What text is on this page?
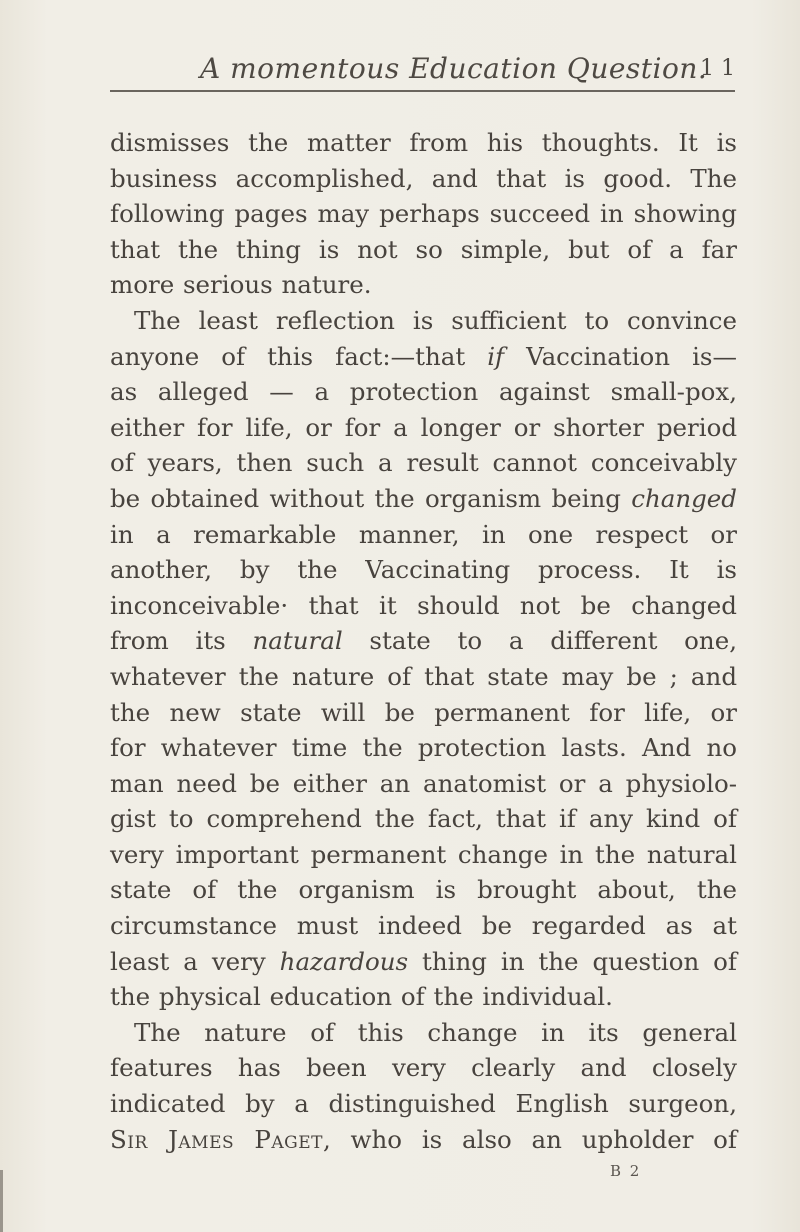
A momentous Education Question.
1 1
dismisses the matter from his thoughts. It is
business accomplished, and that is good. The
following pages may perhaps succeed in showing
that the thing is not so simple, but of a far
more serious nature.
The least reflection is sufficient to convince
anyone of this fact:—that if Vaccination is—
as alleged — a protection against small-pox,
either for life, or for a longer or shorter period
of years, then such a result cannot conceivably
be obtained without the organism being changed
in a remarkable manner, in one respect or
another, by the Vaccinating process. It is
inconceivable· that it should not be changed
from its natural state to a different one,
whatever the nature of that state may be ; and
the new state will be permanent for life, or
for whatever time the protection lasts. And no
man need be either an anatomist or a physiolo-
gist to comprehend the fact, that if any kind of
very important permanent change in the natural
state of the organism is brought about, the
circumstance must indeed be regarded as at
least a very hazardous thing in the question of
the physical education of the individual.
The nature of this change in its general
features has been very clearly and closely
indicated by a distinguished English surgeon,
Sir James Paget, who is also an upholder of
B 2
